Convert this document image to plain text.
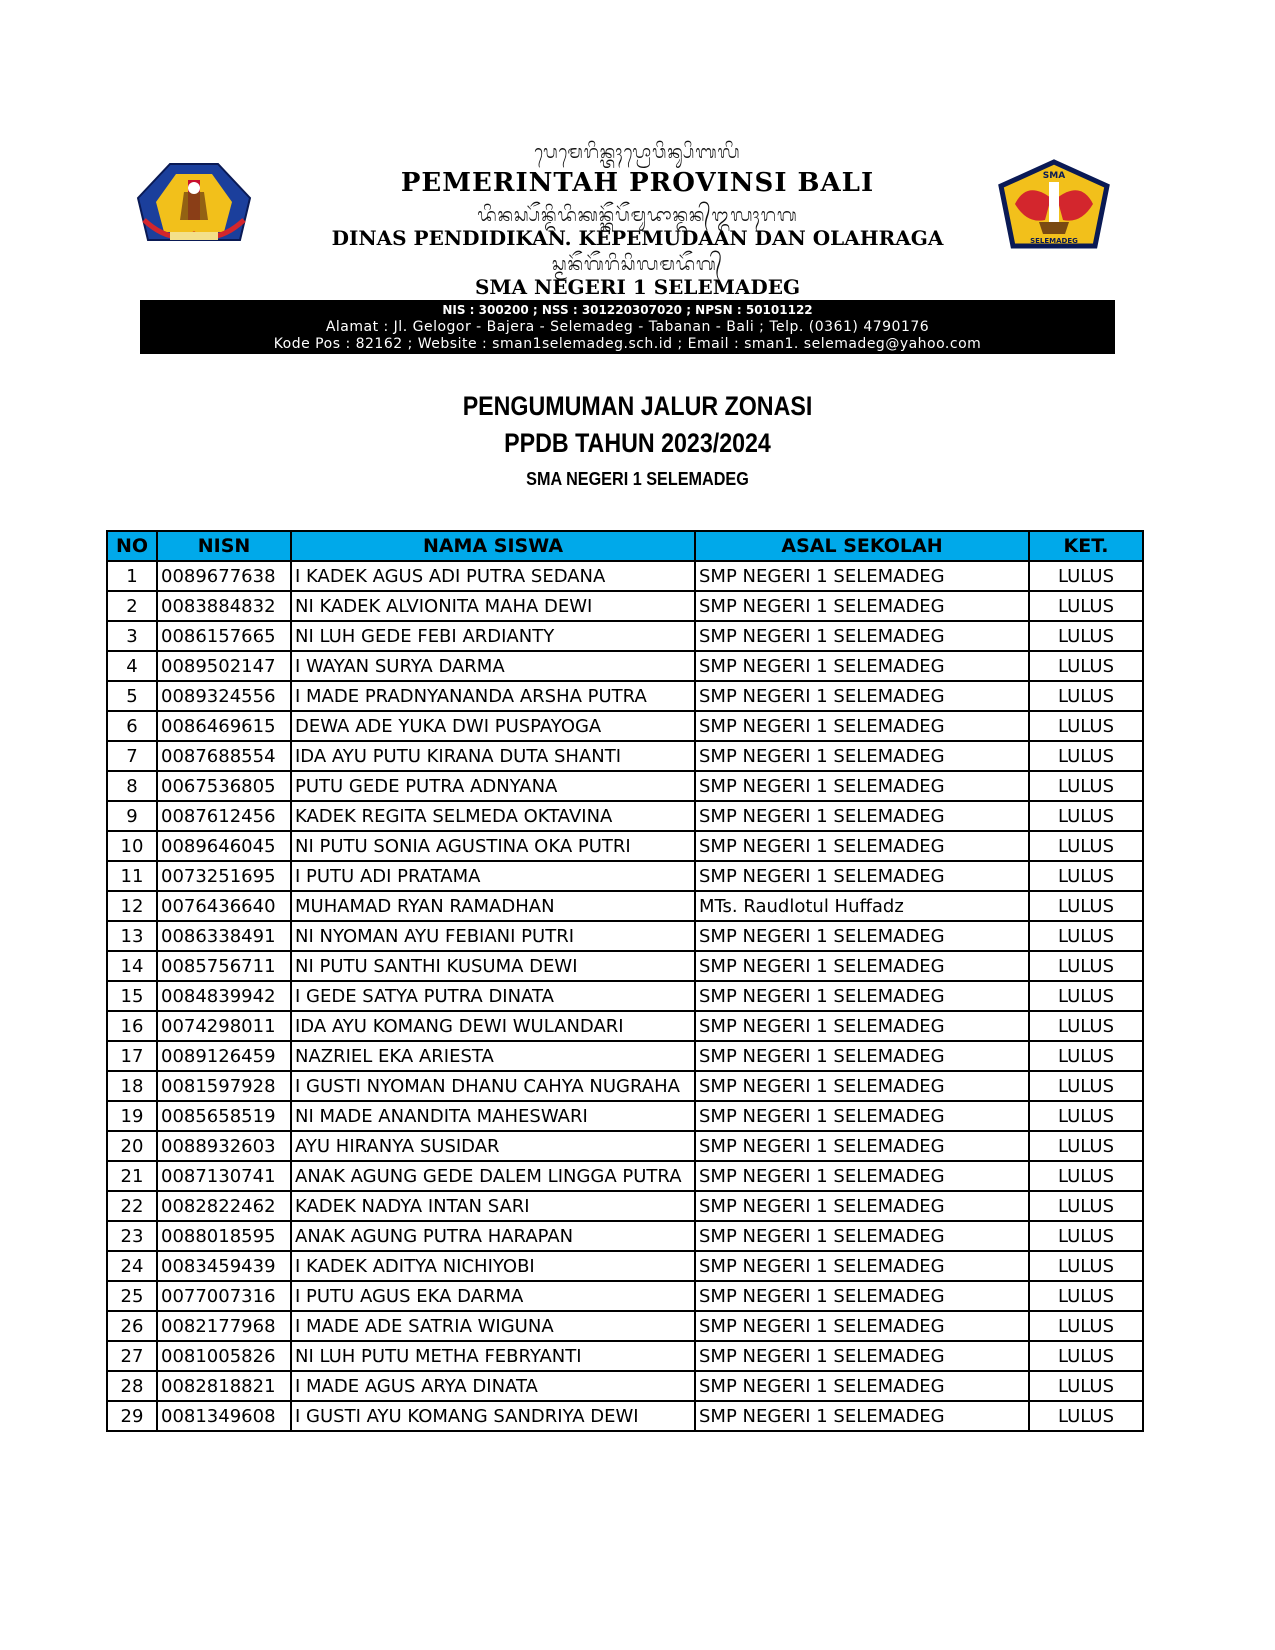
ᬧᬾᬫᬾᬭᬶᬦ᭄ᬢᬄᬧ᭄ᬭᭀᬯᬶᬦ᭄ᬲᬶᬩᬮᬶ
PEMERINTAH PROVINSI BALI
ᬤᬶᬦᬲ᭄ᬧᭂᬦ᭄ᬤᬶᬤᬶᬓᬦ᭄ᬓᭂᬧᭂᬫᬸᬤᬵᬦ᭄ᬤᬦ᭄ᬑᬮᬄᬭᬕ
DINAS PENDIDIKAN. KEPEMUDAAN DAN OLAHRAGA
ᬲ᭄ᬫᬦᭂᬕᭂᬭᬶᬲᬶᬮᬫᬤᭂᬕ᭄
SMA NEGERI 1 SELEMADEG
SMA
SELEMADEG
NIS : 300200 ; NSS : 301220307020 ; NPSN : 50101122
Alamat : Jl. Gelogor - Bajera - Selemadeg - Tabanan - Bali ; Telp. (0361) 4790176
Kode Pos : 82162 ; Website : sman1selemadeg.sch.id ; Email : sman1. selemadeg@yahoo.com
PENGUMUMAN JALUR ZONASI
PPDB TAHUN 2023/2024
SMA NEGERI 1 SELEMADEG
NO	NISN	NAMA SISWA	ASAL SEKOLAH	KET.
1	0089677638	I KADEK AGUS ADI PUTRA SEDANA	SMP NEGERI 1 SELEMADEG	LULUS
2	0083884832	NI KADEK ALVIONITA MAHA DEWI	SMP NEGERI 1 SELEMADEG	LULUS
3	0086157665	NI LUH GEDE FEBI ARDIANTY	SMP NEGERI 1 SELEMADEG	LULUS
4	0089502147	I WAYAN SURYA DARMA	SMP NEGERI 1 SELEMADEG	LULUS
5	0089324556	I MADE PRADNYANANDA ARSHA PUTRA	SMP NEGERI 1 SELEMADEG	LULUS
6	0086469615	DEWA ADE YUKA DWI PUSPAYOGA	SMP NEGERI 1 SELEMADEG	LULUS
7	0087688554	IDA AYU PUTU KIRANA DUTA SHANTI	SMP NEGERI 1 SELEMADEG	LULUS
8	0067536805	PUTU GEDE PUTRA ADNYANA	SMP NEGERI 1 SELEMADEG	LULUS
9	0087612456	KADEK REGITA SELMEDA OKTAVINA	SMP NEGERI 1 SELEMADEG	LULUS
10	0089646045	NI PUTU SONIA AGUSTINA OKA PUTRI	SMP NEGERI 1 SELEMADEG	LULUS
11	0073251695	I PUTU ADI PRATAMA	SMP NEGERI 1 SELEMADEG	LULUS
12	0076436640	MUHAMAD RYAN RAMADHAN	MTs. Raudlotul Huffadz	LULUS
13	0086338491	NI NYOMAN AYU FEBIANI PUTRI	SMP NEGERI 1 SELEMADEG	LULUS
14	0085756711	NI PUTU SANTHI KUSUMA DEWI	SMP NEGERI 1 SELEMADEG	LULUS
15	0084839942	I GEDE SATYA PUTRA DINATA	SMP NEGERI 1 SELEMADEG	LULUS
16	0074298011	IDA AYU KOMANG DEWI WULANDARI	SMP NEGERI 1 SELEMADEG	LULUS
17	0089126459	NAZRIEL EKA ARIESTA	SMP NEGERI 1 SELEMADEG	LULUS
18	0081597928	I GUSTI NYOMAN DHANU CAHYA NUGRAHA	SMP NEGERI 1 SELEMADEG	LULUS
19	0085658519	NI MADE ANANDITA MAHESWARI	SMP NEGERI 1 SELEMADEG	LULUS
20	0088932603	AYU HIRANYA SUSIDAR	SMP NEGERI 1 SELEMADEG	LULUS
21	0087130741	ANAK AGUNG GEDE DALEM LINGGA PUTRA	SMP NEGERI 1 SELEMADEG	LULUS
22	0082822462	KADEK NADYA INTAN SARI	SMP NEGERI 1 SELEMADEG	LULUS
23	0088018595	ANAK AGUNG PUTRA HARAPAN	SMP NEGERI 1 SELEMADEG	LULUS
24	0083459439	I KADEK ADITYA NICHIYOBI	SMP NEGERI 1 SELEMADEG	LULUS
25	0077007316	I PUTU AGUS EKA DARMA	SMP NEGERI 1 SELEMADEG	LULUS
26	0082177968	I MADE ADE SATRIA WIGUNA	SMP NEGERI 1 SELEMADEG	LULUS
27	0081005826	NI LUH PUTU METHA FEBRYANTI	SMP NEGERI 1 SELEMADEG	LULUS
28	0082818821	I MADE AGUS ARYA DINATA	SMP NEGERI 1 SELEMADEG	LULUS
29	0081349608	I GUSTI AYU KOMANG SANDRIYA DEWI	SMP NEGERI 1 SELEMADEG	LULUS
